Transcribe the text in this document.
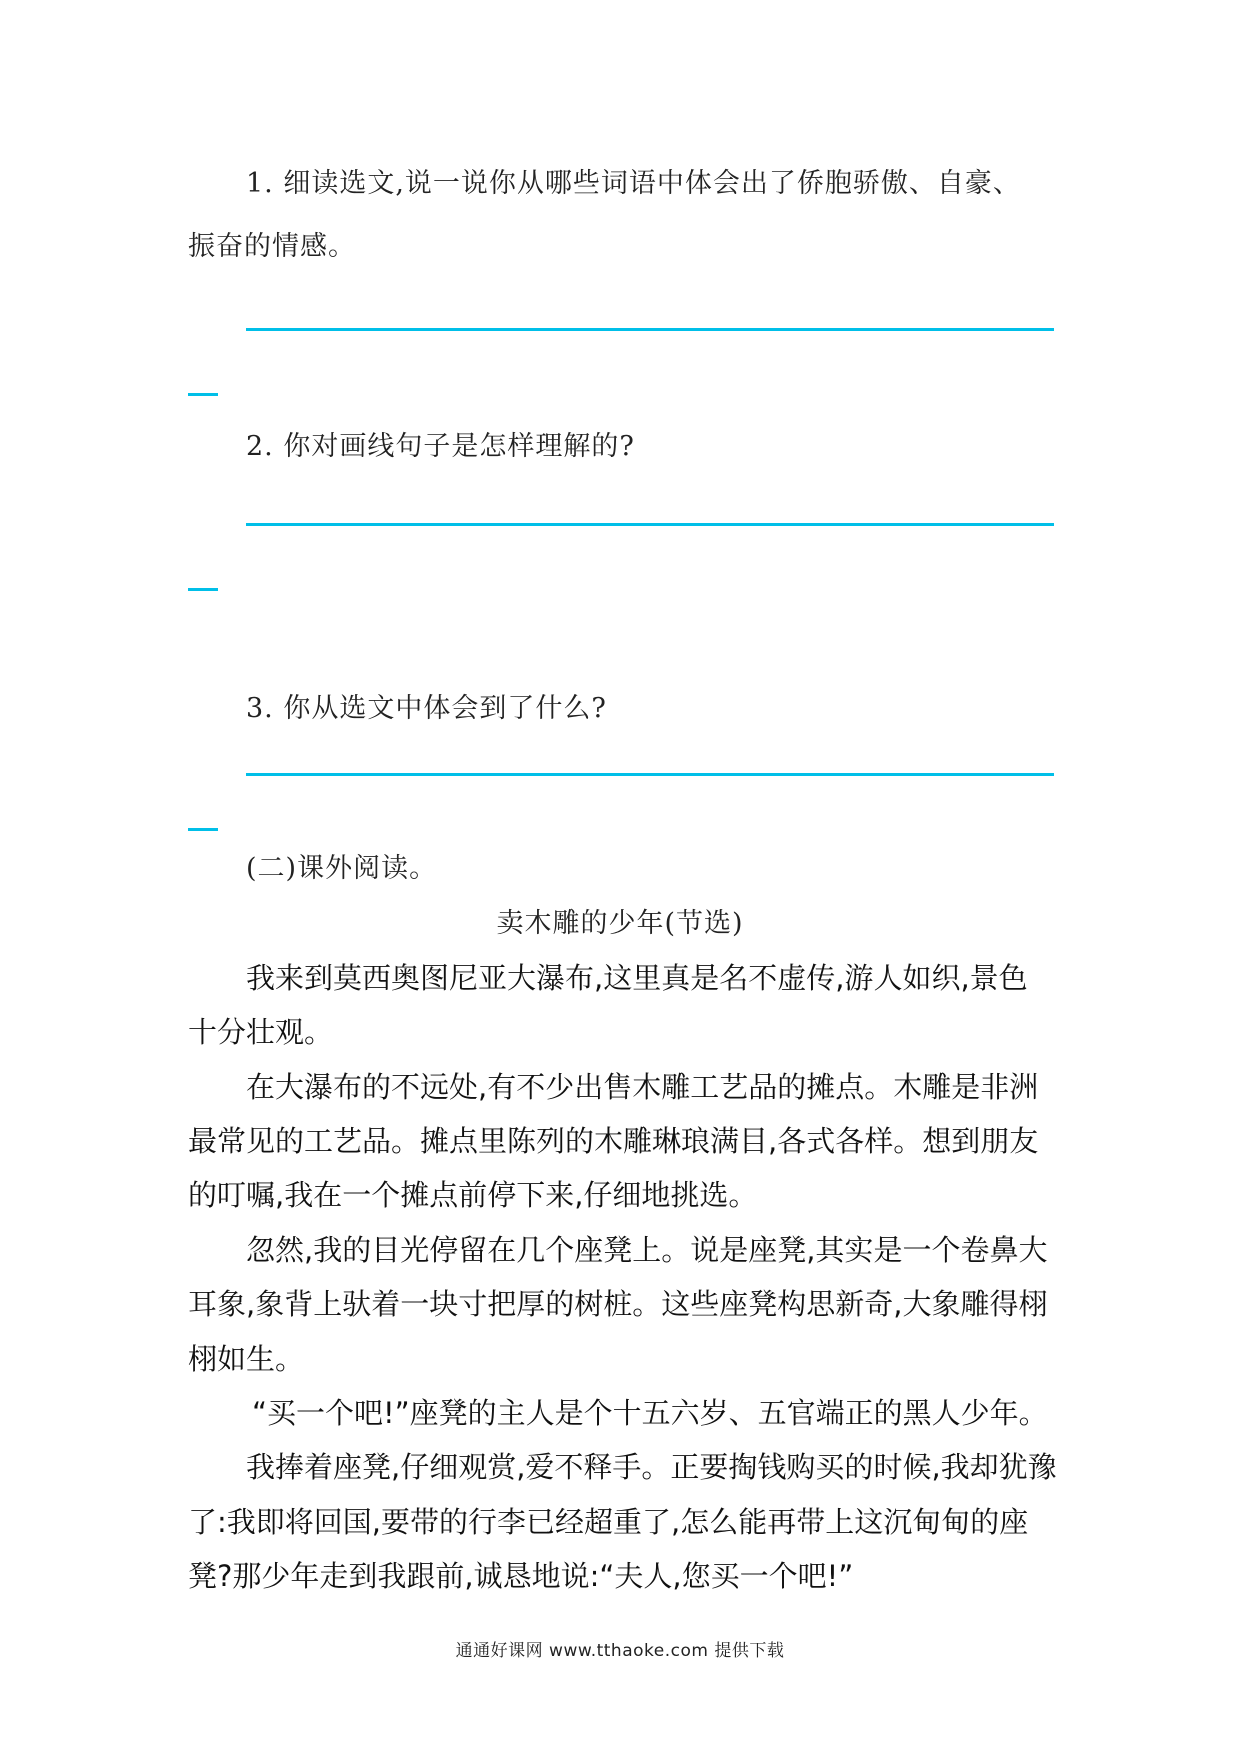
1. 细读选文,说一说你从哪些词语中体会出了侨胞骄傲、自豪、

振奋的情感。

2. 你对画线句子是怎样理解的?

3. 你从选文中体会到了什么?

(二)课外阅读。

卖木雕的少年(节选)

我来到莫西奥图尼亚大瀑布,这里真是名不虚传,游人如织,景色

十分壮观。

在大瀑布的不远处,有不少出售木雕工艺品的摊点。木雕是非洲

最常见的工艺品。摊点里陈列的木雕琳琅满目,各式各样。想到朋友

的叮嘱,我在一个摊点前停下来,仔细地挑选。

忽然,我的目光停留在几个座凳上。说是座凳,其实是一个卷鼻大

耳象,象背上驮着一块寸把厚的树桩。这些座凳构思新奇,大象雕得栩

栩如生。

“买一个吧!”座凳的主人是个十五六岁、五官端正的黑人少年。

我捧着座凳,仔细观赏,爱不释手。正要掏钱购买的时候,我却犹豫

了:我即将回国,要带的行李已经超重了,怎么能再带上这沉甸甸的座

凳?那少年走到我跟前,诚恳地说:“夫人,您买一个吧!”

通通好课网 www.tthaoke.com 提供下载
